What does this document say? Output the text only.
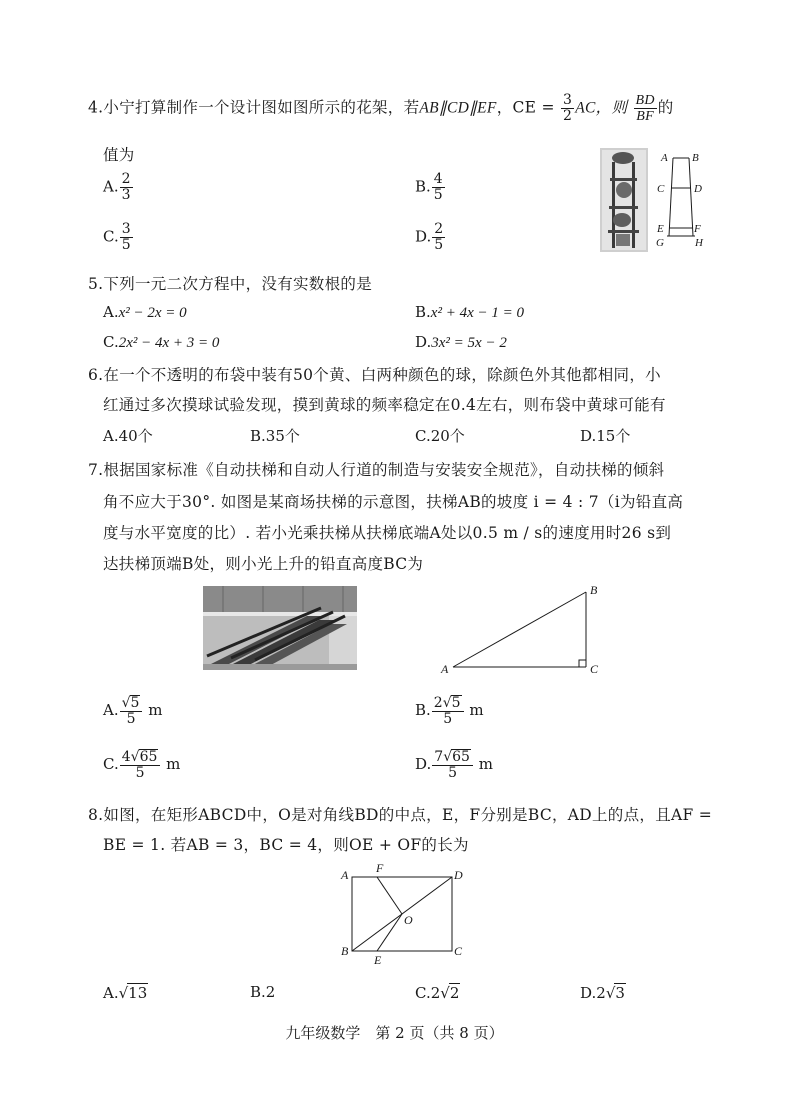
4.小宁打算制作一个设计图如图所示的花架，若AB∥CD∥EF，CE = $\frac{3}{2}$ AC，则 $\frac{BD}{BF}$ 的
值为
A. $\frac{2}{3}$	B. $\frac{4}{5}$
C. $\frac{3}{5}$	D. $\frac{2}{5}$
A B
C	D
E	F
G	H
5.下列一元二次方程中，没有实数根的是
A.x² − 2x = 0	B.x² + 4x − 1 = 0
C.2x² − 4x + 3 = 0	D.3x² = 5x − 2
6.在一个不透明的布袋中装有50个黄、白两种颜色的球，除颜色外其他都相同，小
红通过多次摸球试验发现，摸到黄球的频率稳定在0.4左右，则布袋中黄球可能有
A.40个	B.35个	C.20个	D.15个
7.根据国家标准《自动扶梯和自动人行道的制造与安装安全规范》，自动扶梯的倾斜
角不应大于30°. 如图是某商场扶梯的示意图，扶梯AB的坡度 i = 4 : 7（i为铅直高
度与水平宽度的比）. 若小光乘扶梯从扶梯底端A处以0.5 m / s的速度用时26 s到
达扶梯顶端B处，则小光上升的铅直高度BC为
A
B
C
A. $\frac{√5}{5}$ m	B. $\frac{2√5}{5}$ m
C. $\frac{4√65}{5}$ m	D. $\frac{7√65}{5}$ m
8.如图，在矩形ABCD中，O是对角线BD的中点，E，F分别是BC，AD上的点，且AF =
BE = 1. 若AB = 3，BC = 4，则OE + OF的长为
A F	D
O
B
E
C
A.√13	B.2	C.2√2	D.2√3
九年级数学　第 2 页（共 8 页）
